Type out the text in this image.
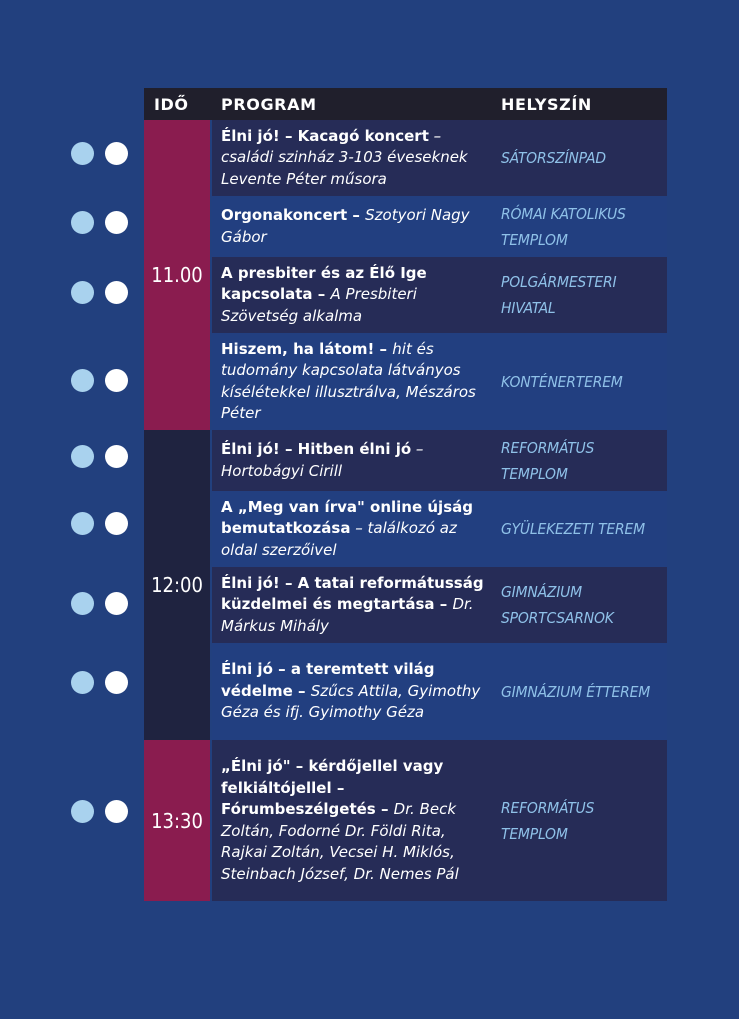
IDŐ PROGRAM	HELYSZÍN
11.00
12:00
13:30
Élni jó! – Kacagó koncert – családi szinház 3-103 éveseknek Levente Péter műsora
SÁTORSZÍNPAD
Orgonakoncert – Szotyori Nagy Gábor
RÓMAI KATOLIKUS TEMPLOM
A presbiter és az Élő Ige kapcsolata – A Presbiteri Szövetség alkalma
POLGÁRMESTERI HIVATAL
Hiszem, ha látom! – hit és tudomány kapcsolata látványos kísélétekkel illusztrálva, Mészáros Péter
KONTÉNERTEREM
Élni jó! – Hitben élni jó – Hortobágyi Cirill
REFORMÁTUS TEMPLOM
A „Meg van írva" online újság bemutatkozása – találkozó az oldal szerzőivel
GYÜLEKEZETI TEREM
Élni jó! – A tatai reformátusság küzdelmei és megtartása – Dr. Márkus Mihály
GIMNÁZIUM SPORTCSARNOK
Élni jó – a teremtett világ védelme – Szűcs Attila, Gyimothy Géza és ifj. Gyimothy Géza
GIMNÁZIUM ÉTTEREM
„Élni jó" – kérdőjellel vagy felkiáltójellel – Fórumbeszélgetés – Dr. Beck Zoltán, Fodorné Dr. Földi Rita, Rajkai Zoltán, Vecsei H. Miklós, Steinbach József, Dr. Nemes Pál
REFORMÁTUS TEMPLOM
